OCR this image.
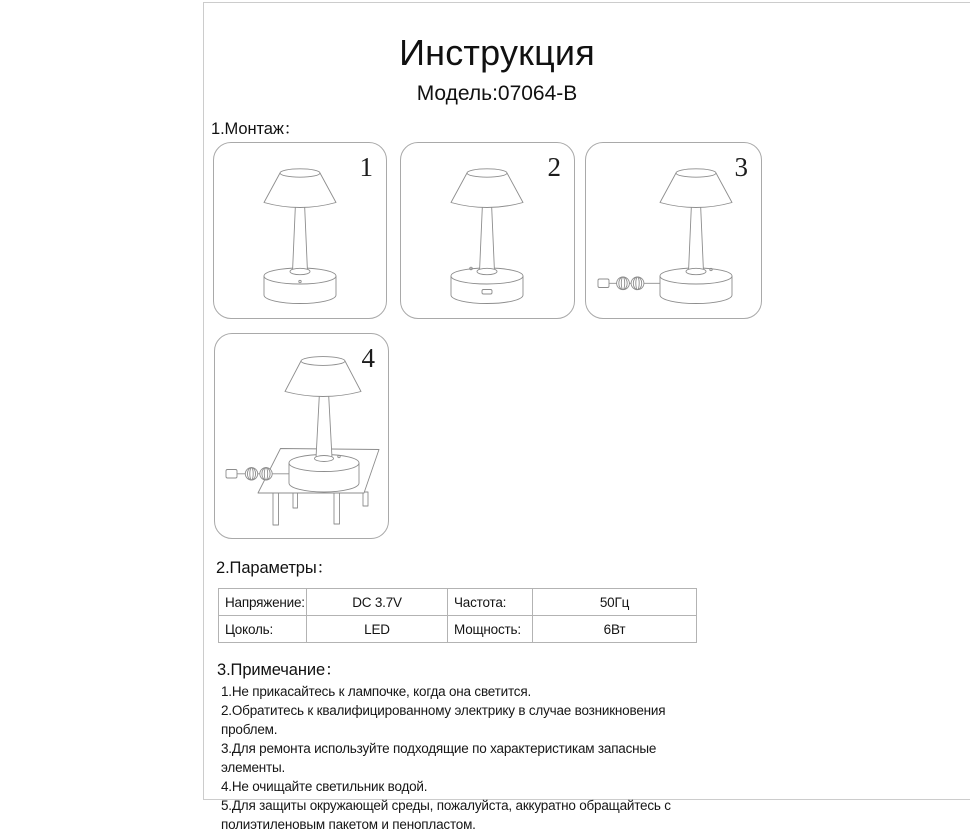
Инструкция
Модель:07064-B
1.Монтаж：
1	2	3
4
2.Параметры：
Напряжение:	DC 3.7V	Частота:	50Гц
Цоколь:	LED	Мощность:	6Вт
3.Примечание：
1.Не прикасайтесь к лампочке, когда она светится.
2.Обратитесь к квалифицированному электрику в случае возникновения проблем.
3.Для ремонта используйте подходящие по характеристикам запасные элементы.
4.Не очищайте светильник водой.
5.Для защиты окружающей среды, пожалуйста, аккуратно обращайтесь с полиэтиленовым пакетом и пенопластом.
